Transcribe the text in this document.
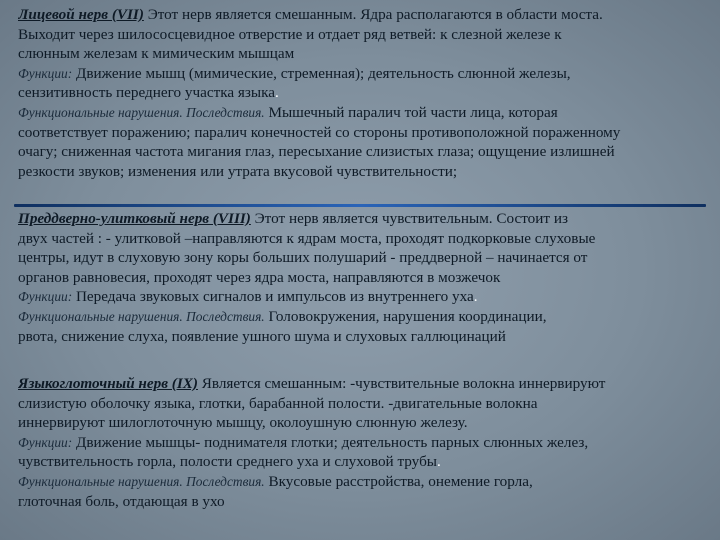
Лицевой нерв (VII) Этот нерв является смешанным. Ядра располагаются в области моста.
Выходит через шилососцевидное отверстие и отдает ряд ветвей: к слезной железе к
слюнным железам к мимическим мышцам
Функции: Движение мышц (мимические, стременная); деятельность слюнной железы,
сензитивность переднего участка языка.
Функциональные нарушения. Последствия. Мышечный паралич той части лица, которая
соответствует поражению; паралич конечностей со стороны противоположной пораженному
очагу; сниженная частота мигания глаз, пересыхание слизистых глаза; ощущение излишней
резкости звуков; изменения или утрата вкусовой чувствительности;
Преддверно-улитковый нерв (VIII) Этот нерв является чувствительным. Состоит из
двух частей : - улитковой –направляются к ядрам моста, проходят подкорковые слуховые
центры, идут в слуховую зону коры больших полушарий - преддверной – начинается от
органов равновесия, проходят через ядра моста, направляются в мозжечок
Функции: Передача звуковых сигналов и импульсов из внутреннего уха.
Функциональные нарушения. Последствия. Головокружения, нарушения координации,
рвота, снижение слуха, появление ушного шума и слуховых галлюцинаций
Языкоглоточный нерв (IX) Является смешанным: -чувствительные волокна иннервируют
слизистую оболочку языка, глотки, барабанной полости. -двигательные волокна
иннервируют шилоглоточную мышцу, околоушную слюнную железу.
Функции: Движение мышцы- поднимателя глотки; деятельность парных слюнных желез,
чувствительность горла, полости среднего уха и слуховой трубы.
Функциональные нарушения. Последствия. Вкусовые расстройства, онемение горла,
глоточная боль, отдающая в ухо
